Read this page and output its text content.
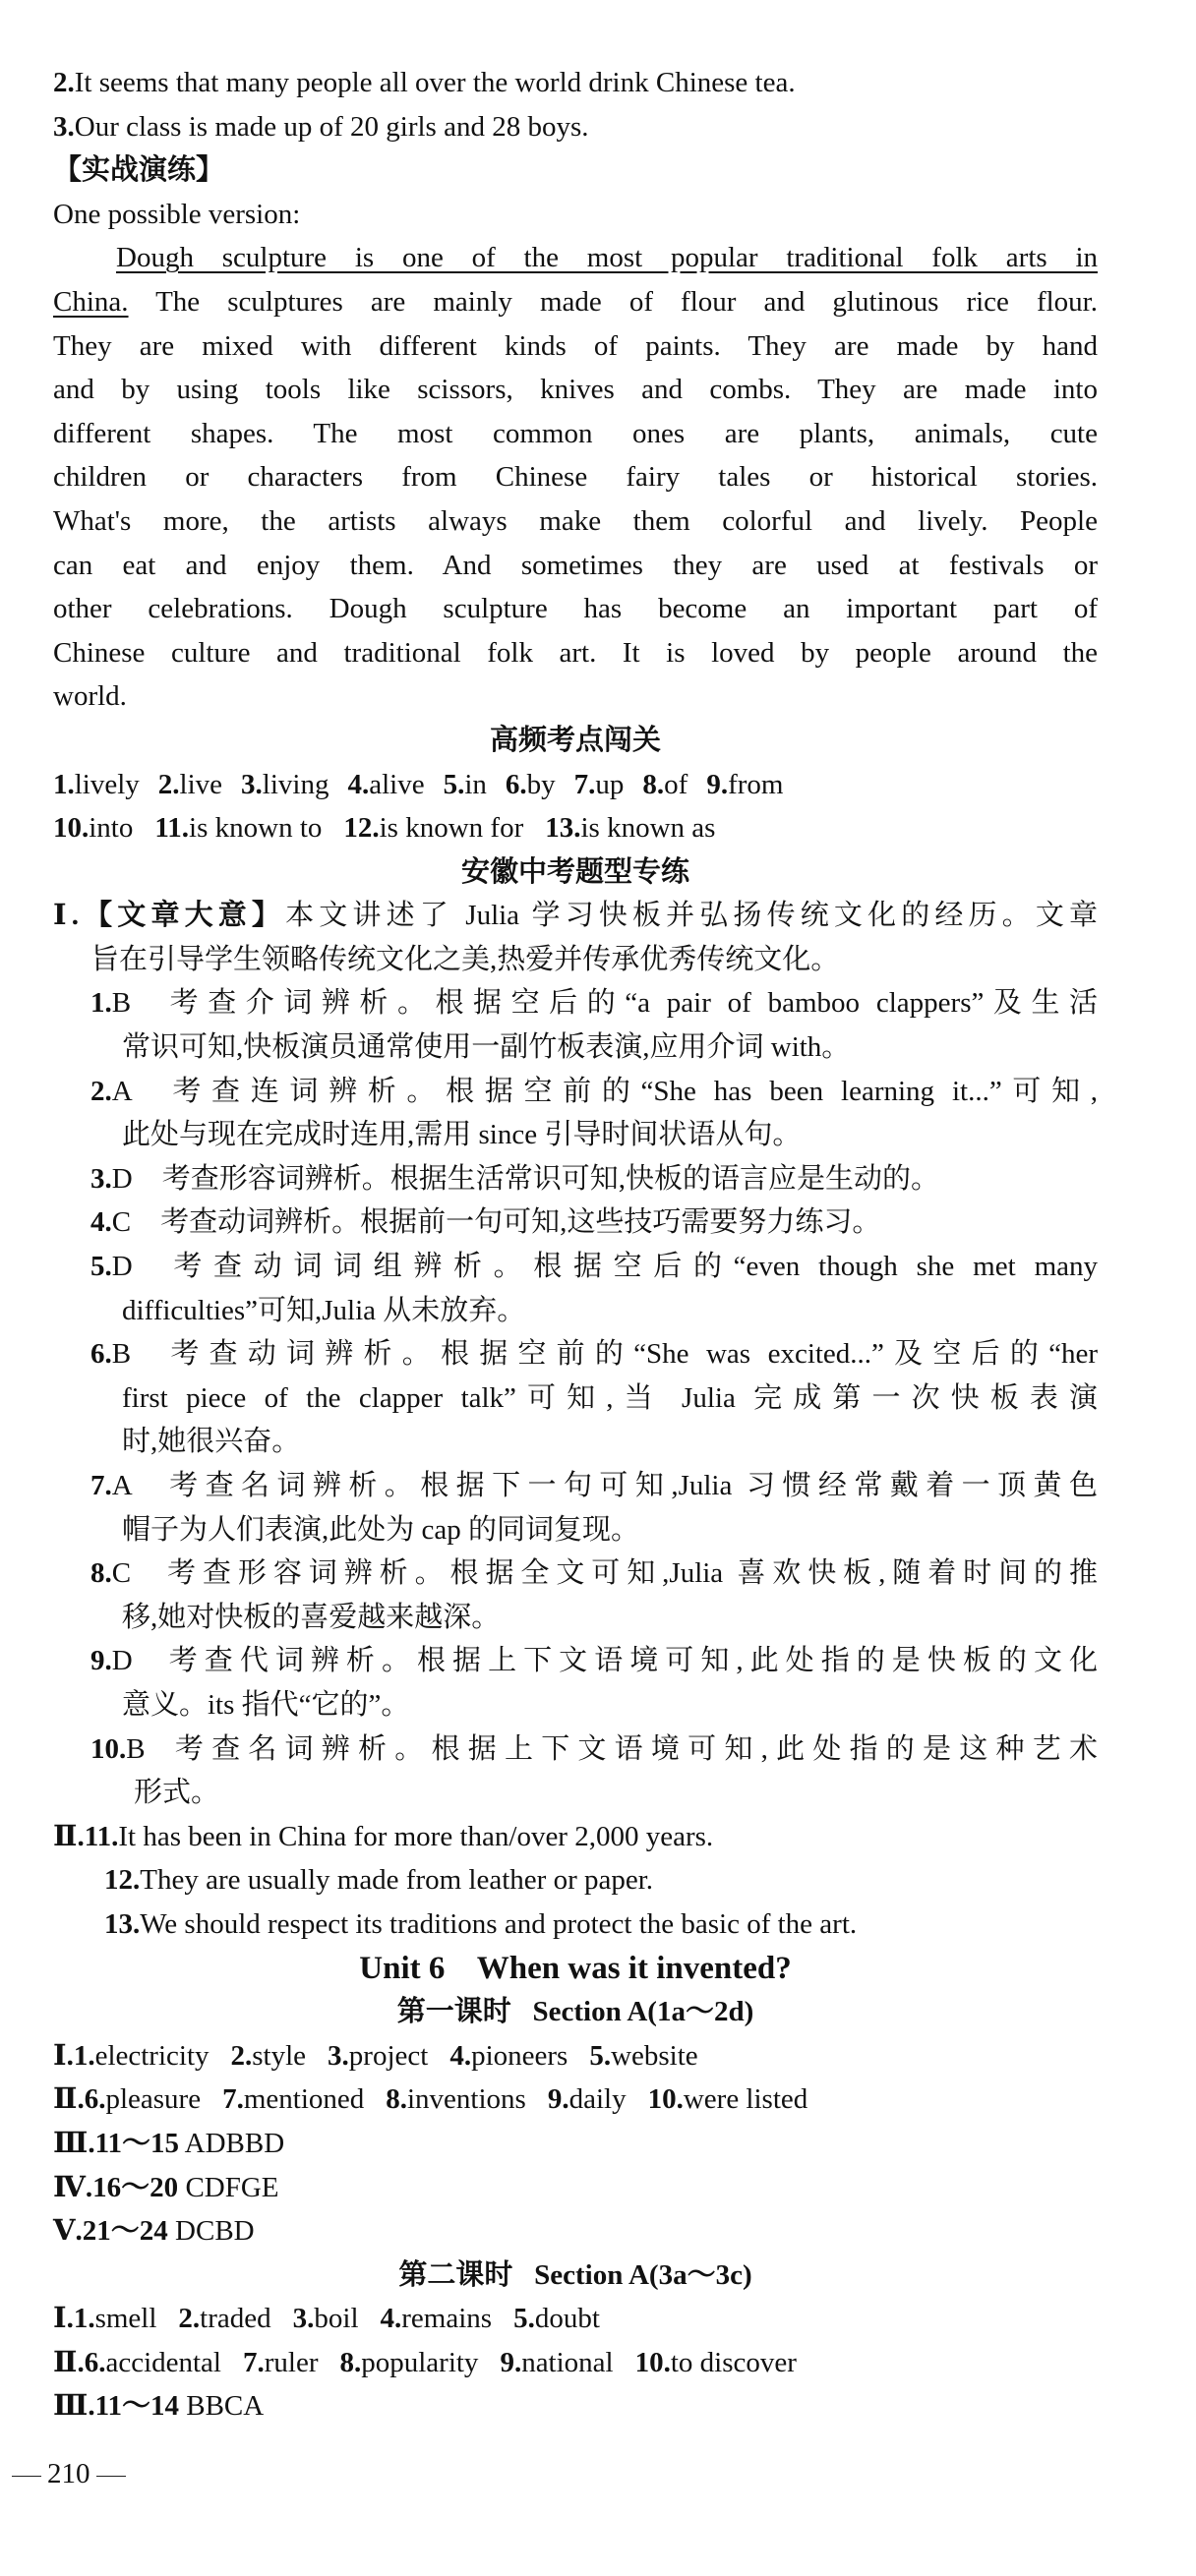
2.It seems that many people all over the world drink Chinese tea.
3.Our class is made up of 20 girls and 28 boys.
【实战演练】
One possible version:
Dough sculpture is one of the most popular traditional folk arts in
China. The sculptures are mainly made of flour and glutinous rice flour.
They are mixed with different kinds of paints. They are made by hand
and by using tools like scissors, knives and combs. They are made into
different shapes. The most common ones are plants, animals, cute
children or characters from Chinese fairy tales or historical stories.
What's more, the artists always make them colorful and lively. People
can eat and enjoy them. And sometimes they are used at festivals or
other celebrations. Dough sculpture has become an important part of
Chinese culture and traditional folk art. It is loved by people around the
world.
高频考点闯关
1.lively 2.live 3.living 4.alive 5.in 6.by 7.up 8.of 9.from
10.into 11.is known to 12.is known for 13.is known as
安徽中考题型专练
Ⅰ.【文章大意】本文讲述了 Julia 学习快板并弘扬传统文化的经历。文章
旨在引导学生领略传统文化之美,热爱并传承优秀传统文化。
1.B 考查介词辨析。根据空后的“a pair of bamboo clappers”及生活
常识可知,快板演员通常使用一副竹板表演,应用介词 with。
2.A 考查连词辨析。根据空前的“She has been learning it...”可知,
此处与现在完成时连用,需用 since 引导时间状语从句。
3.D 考查形容词辨析。根据生活常识可知,快板的语言应是生动的。
4.C 考查动词辨析。根据前一句可知,这些技巧需要努力练习。
5.D 考查动词词组辨析。根据空后的“even though she met many
difficulties”可知,Julia 从未放弃。
6.B 考查动词辨析。根据空前的“She was excited...”及空后的“her
first piece of the clapper talk”可知,当 Julia 完成第一次快板表演
时,她很兴奋。
7.A 考查名词辨析。根据下一句可知,Julia 习惯经常戴着一顶黄色
帽子为人们表演,此处为 cap 的同词复现。
8.C 考查形容词辨析。根据全文可知,Julia 喜欢快板,随着时间的推
移,她对快板的喜爱越来越深。
9.D 考查代词辨析。根据上下文语境可知,此处指的是快板的文化
意义。its 指代“它的”。
10.B 考查名词辨析。根据上下文语境可知,此处指的是这种艺术
形式。
Ⅱ.11.It has been in China for more than/over 2,000 years.
12.They are usually made from leather or paper.
13.We should respect its traditions and protect the basic of the art.
Unit 6    When was it invented?
第一课时   Section A(1a～2d)
Ⅰ.1.electricity 2.style 3.project 4.pioneers 5.website
Ⅱ.6.pleasure 7.mentioned 8.inventions 9.daily 10.were listed
Ⅲ.11～15 ADBBD
Ⅳ.16～20 CDFGE
Ⅴ.21～24 DCBD
第二课时   Section A(3a～3c)
Ⅰ.1.smell 2.traded 3.boil 4.remains 5.doubt
Ⅱ.6.accidental 7.ruler 8.popularity 9.national 10.to discover
Ⅲ.11～14 BBCA
210
